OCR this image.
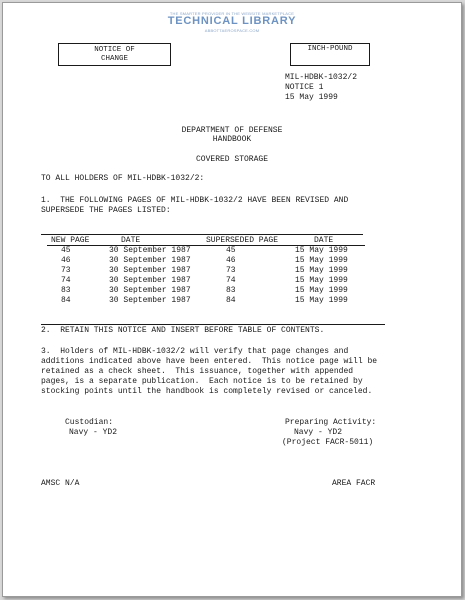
THE SMARTER PROVIDER IN THE WEBSITE MARKETPLACE
TECHNICAL LIBRARY
ABBOTTAEROSPACE.COM
NOTICE OF
CHANGE
INCH-POUND
MIL-HDBK-1032/2
NOTICE 1
15 May 1999
DEPARTMENT OF DEFENSE
HANDBOOK
COVERED STORAGE
TO ALL HOLDERS OF MIL-HDBK-1032/2:
1.  THE FOLLOWING PAGES OF MIL-HDBK-1032/2 HAVE BEEN REVISED AND
SUPERSEDE THE PAGES LISTED:
NEW PAGE	DATE	SUPERSEDED PAGE	DATE
45	30 September 1987	45	15 May 1999
46	30 September 1987	46	15 May 1999
73	30 September 1987	73	15 May 1999
74	30 September 1987	74	15 May 1999
83	30 September 1987	83	15 May 1999
84	30 September 1987	84	15 May 1999
2.  RETAIN THIS NOTICE AND INSERT BEFORE TABLE OF CONTENTS.
3.  Holders of MIL-HDBK-1032/2 will verify that page changes and
additions indicated above have been entered.  This notice page will be
retained as a check sheet.  This issuance, together with appended
pages, is a separate publication.  Each notice is to be retained by
stocking points until the handbook is completely revised or canceled.
Custodian:
Navy - YD2
Preparing Activity:
Navy - YD2
(Project FACR-5011)
AMSC N/A	AREA FACR
